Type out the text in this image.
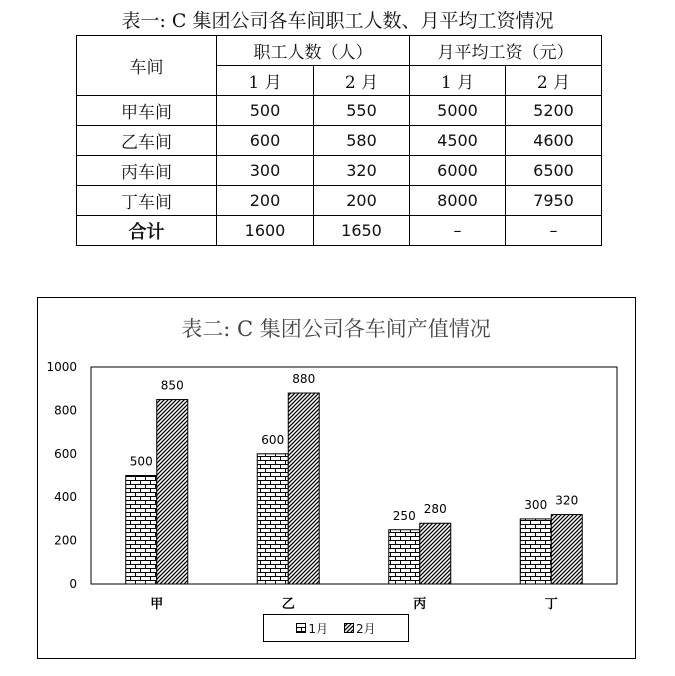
表一: C 集团公司各车间职工人数、月平均工资情况
车间	职工人数（人）		月平均工资（元）	
	1 月	2 月	1 月	2 月
甲车间	500	550	5000	5200
乙车间	600	580	4500	4600
丙车间	300	320	6000	6500
丁车间	200	200	8000	7950
合计	1600	1650	–	–
表二: C 集团公司各车间产值情况
500
850
600
880
250 280	300 320
0
200
400
600
800
1000
甲	乙	丙	丁
1月 2月
